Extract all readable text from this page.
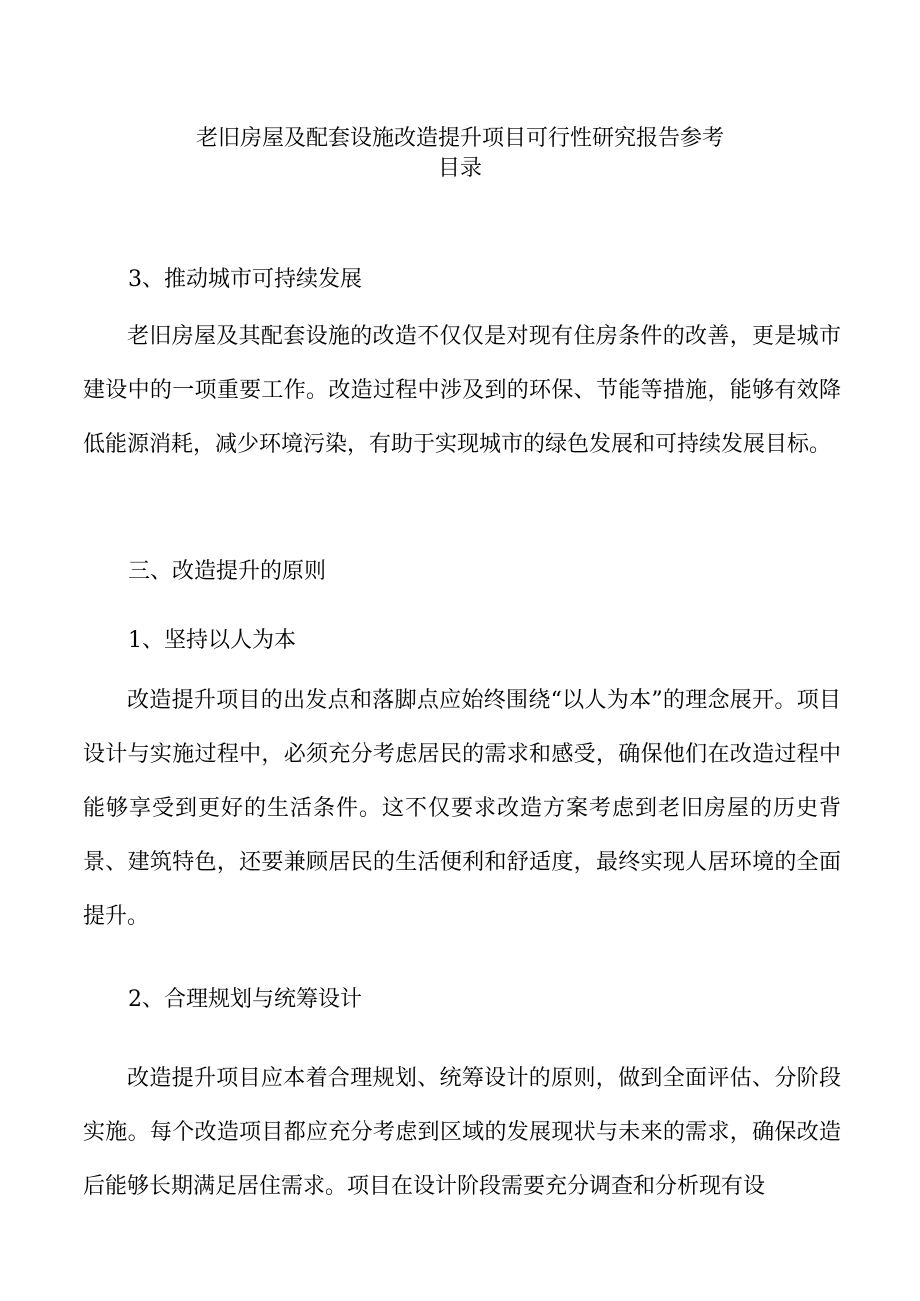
老旧房屋及配套设施改造提升项目可行性研究报告参考
目录
3、推动城市可持续发展

老旧房屋及其配套设施的改造不仅仅是对现有住房条件的改善，更是城市建设中的一项重要工作。改造过程中涉及到的环保、节能等措施，能够有效降低能源消耗，减少环境污染，有助于实现城市的绿色发展和可持续发展目标。

三、改造提升的原则
1、坚持以人为本

改造提升项目的出发点和落脚点应始终围绕“以人为本”的理念展开。项目设计与实施过程中，必须充分考虑居民的需求和感受，确保他们在改造过程中能够享受到更好的生活条件。这不仅要求改造方案考虑到老旧房屋的历史背景、建筑特色，还要兼顾居民的生活便利和舒适度，最终实现人居环境的全面提升。

2、合理规划与统筹设计

改造提升项目应本着合理规划、统筹设计的原则，做到全面评估、分阶段实施。每个改造项目都应充分考虑到区域的发展现状与未来的需求，确保改造后能够长期满足居住需求。项目在设计阶段需要充分调查和分析现有设
